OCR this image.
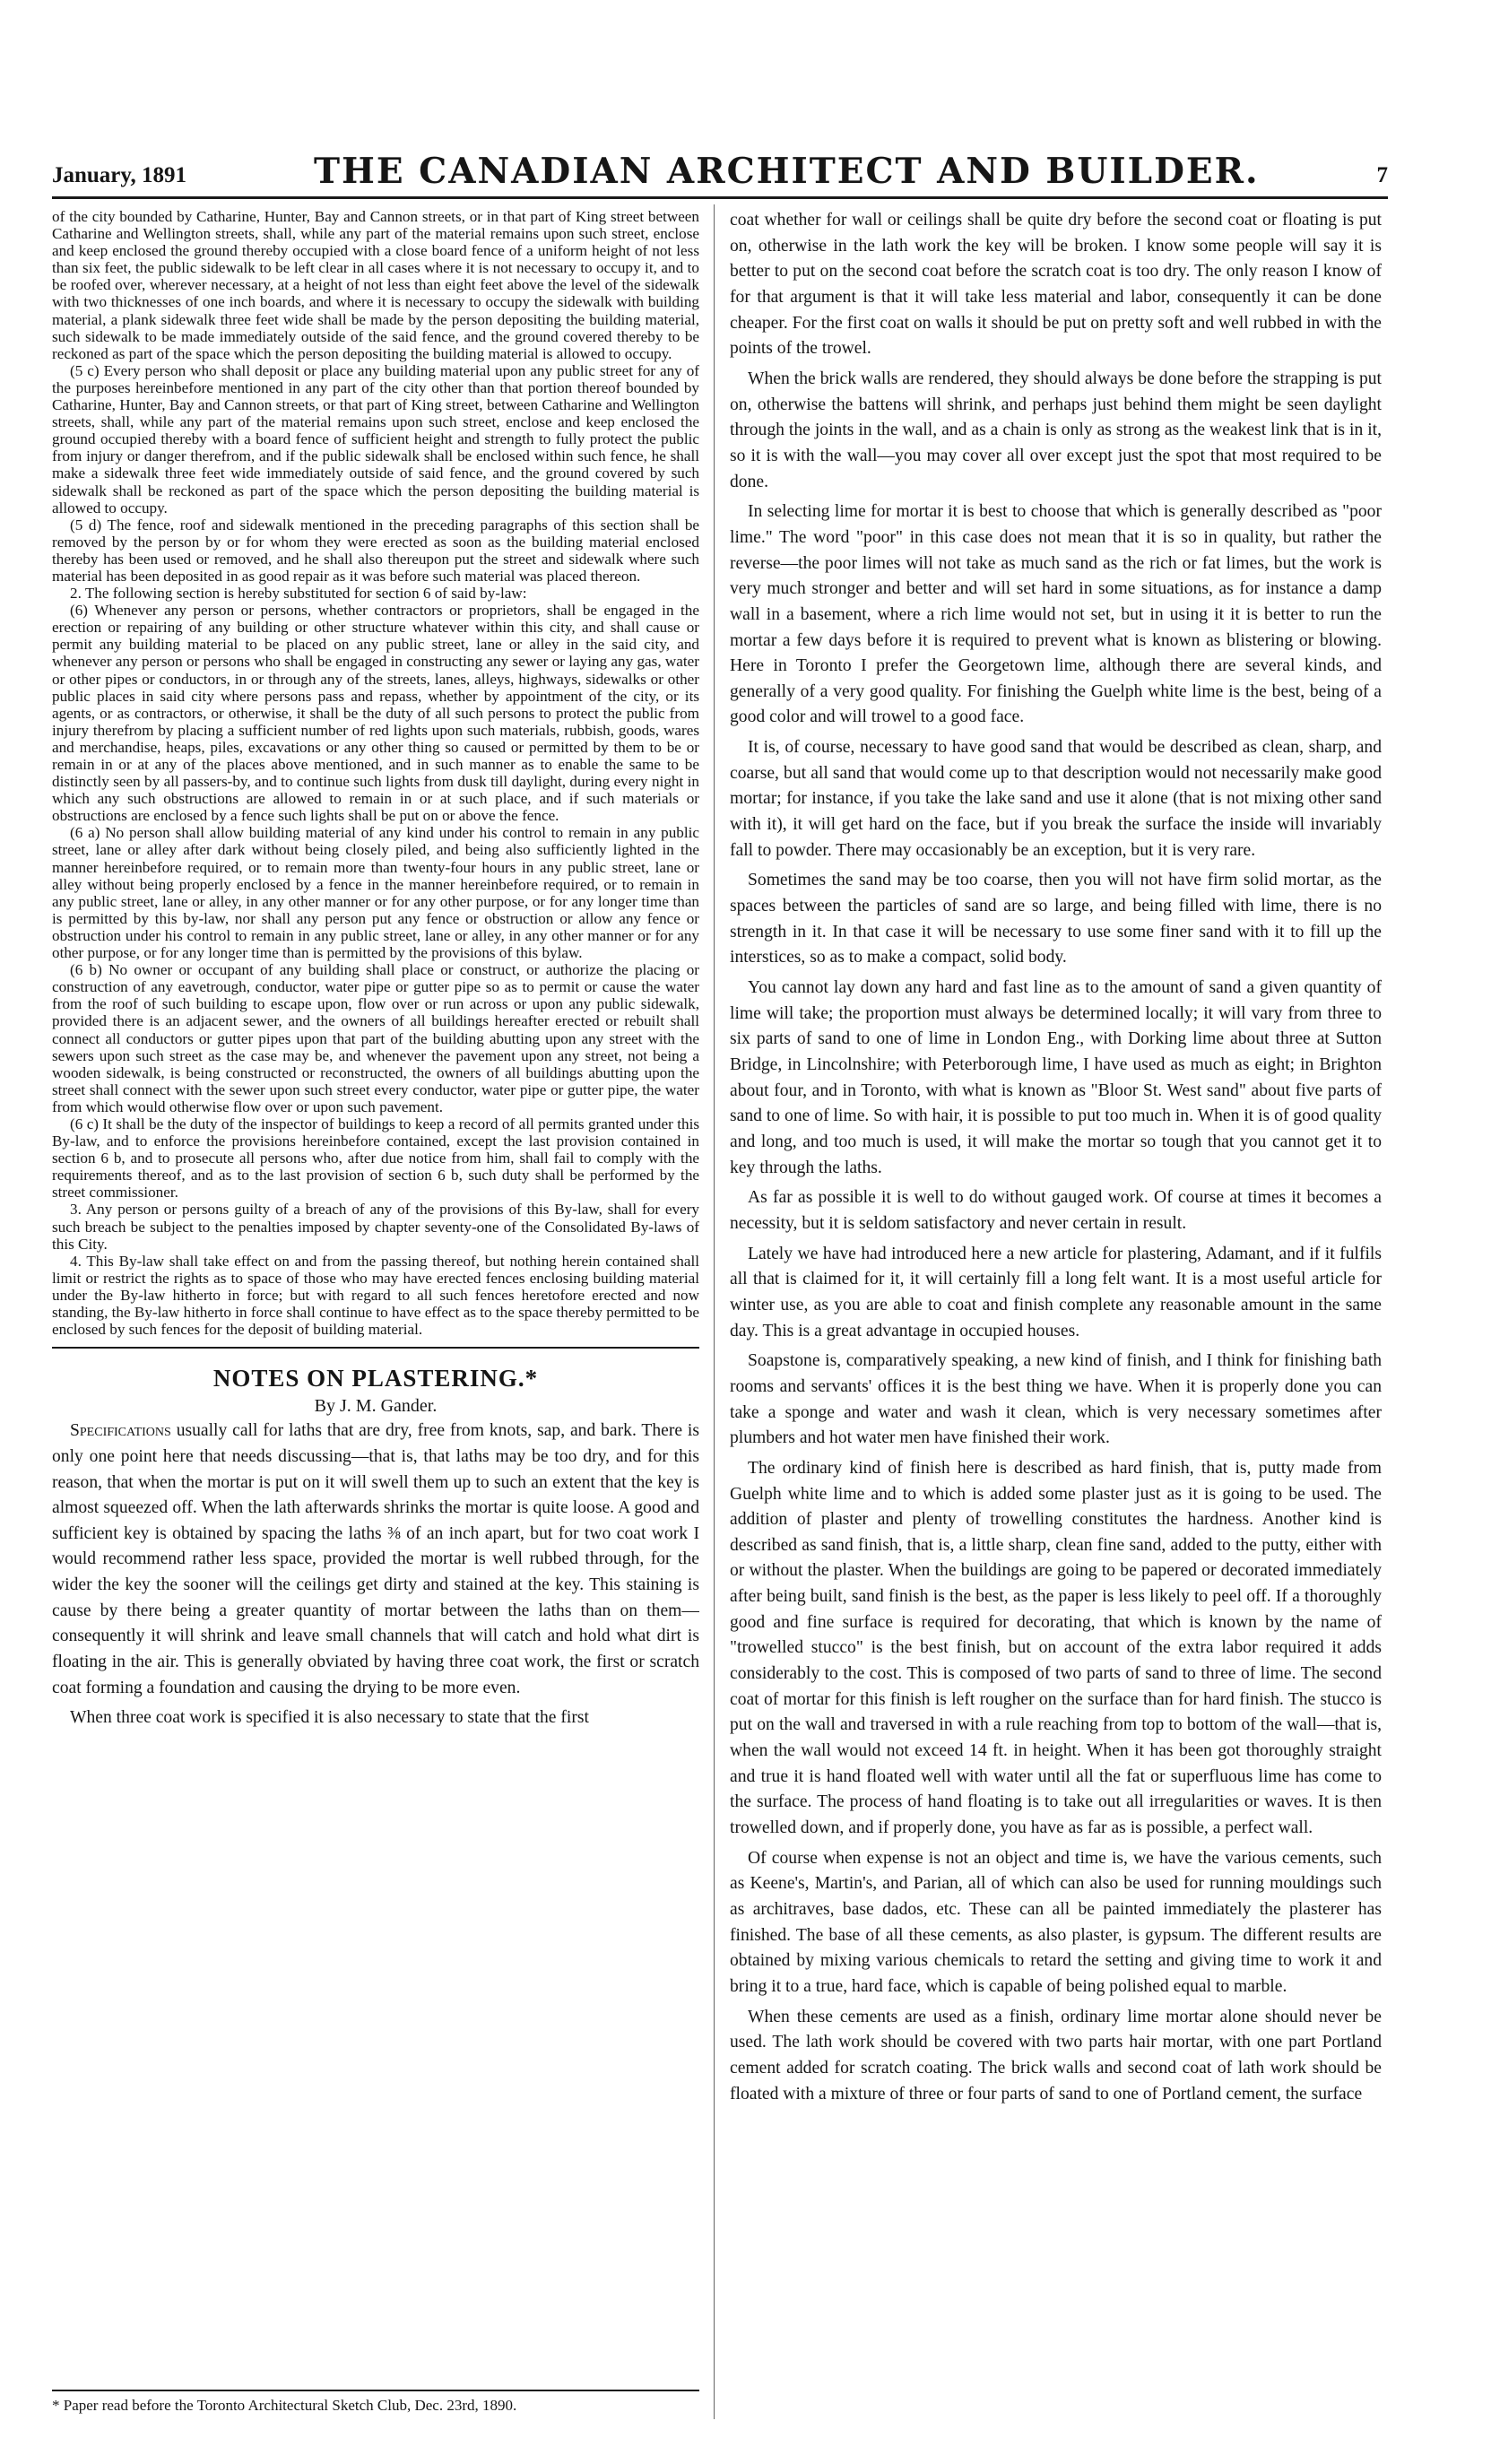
January, 1891	THE CANADIAN ARCHITECT AND BUILDER.	7

of the city bounded by Catharine, Hunter, Bay and Cannon streets, or in that part of King street between Catharine and Wellington streets, shall, while any part of the material remains upon such street, enclose and keep enclosed the ground thereby occupied with a close board fence of a uniform height of not less than six feet, the public sidewalk to be left clear in all cases where it is not necessary to occupy it, and to be roofed over, wherever necessary, at a height of not less than eight feet above the level of the sidewalk with two thicknesses of one inch boards, and where it is necessary to occupy the sidewalk with building material, a plank sidewalk three feet wide shall be made by the person depositing the building material, such sidewalk to be made immediately outside of the said fence, and the ground covered thereby to be reckoned as part of the space which the person depositing the building material is allowed to occupy.

(5 c) Every person who shall deposit or place any building material upon any public street for any of the purposes hereinbefore mentioned in any part of the city other than that portion thereof bounded by Catharine, Hunter, Bay and Cannon streets, or that part of King street, between Catharine and Wellington streets, shall, while any part of the material remains upon such street, enclose and keep enclosed the ground occupied thereby with a board fence of sufficient height and strength to fully protect the public from injury or danger therefrom, and if the public sidewalk shall be enclosed within such fence, he shall make a sidewalk three feet wide immediately outside of said fence, and the ground covered by such sidewalk shall be reckoned as part of the space which the person depositing the building material is allowed to occupy.

(5 d) The fence, roof and sidewalk mentioned in the preceding paragraphs of this section shall be removed by the person by or for whom they were erected as soon as the building material enclosed thereby has been used or removed, and he shall also thereupon put the street and sidewalk where such material has been deposited in as good repair as it was before such material was placed thereon.

2. The following section is hereby substituted for section 6 of said by-law:

(6) Whenever any person or persons, whether contractors or proprietors, shall be engaged in the erection or repairing of any building or other structure whatever within this city, and shall cause or permit any building material to be placed on any public street, lane or alley in the said city, and whenever any person or persons who shall be engaged in constructing any sewer or laying any gas, water or other pipes or conductors, in or through any of the streets, lanes, alleys, highways, sidewalks or other public places in said city where persons pass and repass, whether by appointment of the city, or its agents, or as contractors, or otherwise, it shall be the duty of all such persons to protect the public from injury therefrom by placing a sufficient number of red lights upon such materials, rubbish, goods, wares and merchandise, heaps, piles, excavations or any other thing so caused or permitted by them to be or remain in or at any of the places above mentioned, and in such manner as to enable the same to be distinctly seen by all passers-by, and to continue such lights from dusk till daylight, during every night in which any such obstructions are allowed to remain in or at such place, and if such materials or obstructions are enclosed by a fence such lights shall be put on or above the fence.

(6 a) No person shall allow building material of any kind under his control to remain in any public street, lane or alley after dark without being closely piled, and being also sufficiently lighted in the manner hereinbefore required, or to remain more than twenty-four hours in any public street, lane or alley without being properly enclosed by a fence in the manner hereinbefore required, or to remain in any public street, lane or alley, in any other manner or for any other purpose, or for any longer time than is permitted by this by-law, nor shall any person put any fence or obstruction or allow any fence or obstruction under his control to remain in any public street, lane or alley, in any other manner or for any other purpose, or for any longer time than is permitted by the provisions of this bylaw.

(6 b) No owner or occupant of any building shall place or construct, or authorize the placing or construction of any eavetrough, conductor, water pipe or gutter pipe so as to permit or cause the water from the roof of such building to escape upon, flow over or run across or upon any public sidewalk, provided there is an adjacent sewer, and the owners of all buildings hereafter erected or rebuilt shall connect all conductors or gutter pipes upon that part of the building abutting upon any street with the sewers upon such street as the case may be, and whenever the pavement upon any street, not being a wooden sidewalk, is being constructed or reconstructed, the owners of all buildings abutting upon the street shall connect with the sewer upon such street every conductor, water pipe or gutter pipe, the water from which would otherwise flow over or upon such pavement.

(6 c) It shall be the duty of the inspector of buildings to keep a record of all permits granted under this By-law, and to enforce the provisions hereinbefore contained, except the last provision contained in section 6 b, and to prosecute all persons who, after due notice from him, shall fail to comply with the requirements thereof, and as to the last provision of section 6 b, such duty shall be performed by the street commissioner.

3. Any person or persons guilty of a breach of any of the provisions of this By-law, shall for every such breach be subject to the penalties imposed by chapter seventy-one of the Consolidated By-laws of this City.

4. This By-law shall take effect on and from the passing thereof, but nothing herein contained shall limit or restrict the rights as to space of those who may have erected fences enclosing building material under the By-law hitherto in force; but with regard to all such fences heretofore erected and now standing, the By-law hitherto in force shall continue to have effect as to the space thereby permitted to be enclosed by such fences for the deposit of building material.

NOTES ON PLASTERING.*
By J. M. Gander.

Specifications usually call for laths that are dry, free from knots, sap, and bark. There is only one point here that needs discussing—that is, that laths may be too dry, and for this reason, that when the mortar is put on it will swell them up to such an extent that the key is almost squeezed off. When the lath afterwards shrinks the mortar is quite loose. A good and sufficient key is obtained by spacing the laths ⅜ of an inch apart, but for two coat work I would recommend rather less space, provided the mortar is well rubbed through, for the wider the key the sooner will the ceilings get dirty and stained at the key. This staining is cause by there being a greater quantity of mortar between the laths than on them—consequently it will shrink and leave small channels that will catch and hold what dirt is floating in the air. This is generally obviated by having three coat work, the first or scratch coat forming a foundation and causing the drying to be more even.

When three coat work is specified it is also necessary to state that the first

* Paper read before the Toronto Architectural Sketch Club, Dec. 23rd, 1890.

coat whether for wall or ceilings shall be quite dry before the second coat or floating is put on, otherwise in the lath work the key will be broken. I know some people will say it is better to put on the second coat before the scratch coat is too dry. The only reason I know of for that argument is that it will take less material and labor, consequently it can be done cheaper. For the first coat on walls it should be put on pretty soft and well rubbed in with the points of the trowel.

When the brick walls are rendered, they should always be done before the strapping is put on, otherwise the battens will shrink, and perhaps just behind them might be seen daylight through the joints in the wall, and as a chain is only as strong as the weakest link that is in it, so it is with the wall—you may cover all over except just the spot that most required to be done.

In selecting lime for mortar it is best to choose that which is generally described as "poor lime." The word "poor" in this case does not mean that it is so in quality, but rather the reverse—the poor limes will not take as much sand as the rich or fat limes, but the work is very much stronger and better and will set hard in some situations, as for instance a damp wall in a basement, where a rich lime would not set, but in using it it is better to run the mortar a few days before it is required to prevent what is known as blistering or blowing. Here in Toronto I prefer the Georgetown lime, although there are several kinds, and generally of a very good quality. For finishing the Guelph white lime is the best, being of a good color and will trowel to a good face.

It is, of course, necessary to have good sand that would be described as clean, sharp, and coarse, but all sand that would come up to that description would not necessarily make good mortar; for instance, if you take the lake sand and use it alone (that is not mixing other sand with it), it will get hard on the face, but if you break the surface the inside will invariably fall to powder. There may occasionably be an exception, but it is very rare.

Sometimes the sand may be too coarse, then you will not have firm solid mortar, as the spaces between the particles of sand are so large, and being filled with lime, there is no strength in it. In that case it will be necessary to use some finer sand with it to fill up the interstices, so as to make a compact, solid body.

You cannot lay down any hard and fast line as to the amount of sand a given quantity of lime will take; the proportion must always be determined locally; it will vary from three to six parts of sand to one of lime in London Eng., with Dorking lime about three at Sutton Bridge, in Lincolnshire; with Peterborough lime, I have used as much as eight; in Brighton about four, and in Toronto, with what is known as "Bloor St. West sand" about five parts of sand to one of lime. So with hair, it is possible to put too much in. When it is of good quality and long, and too much is used, it will make the mortar so tough that you cannot get it to key through the laths.

As far as possible it is well to do without gauged work. Of course at times it becomes a necessity, but it is seldom satisfactory and never certain in result.

Lately we have had introduced here a new article for plastering, Adamant, and if it fulfils all that is claimed for it, it will certainly fill a long felt want. It is a most useful article for winter use, as you are able to coat and finish complete any reasonable amount in the same day. This is a great advantage in occupied houses.

Soapstone is, comparatively speaking, a new kind of finish, and I think for finishing bath rooms and servants' offices it is the best thing we have. When it is properly done you can take a sponge and water and wash it clean, which is very necessary sometimes after plumbers and hot water men have finished their work.

The ordinary kind of finish here is described as hard finish, that is, putty made from Guelph white lime and to which is added some plaster just as it is going to be used. The addition of plaster and plenty of trowelling constitutes the hardness. Another kind is described as sand finish, that is, a little sharp, clean fine sand, added to the putty, either with or without the plaster. When the buildings are going to be papered or decorated immediately after being built, sand finish is the best, as the paper is less likely to peel off. If a thoroughly good and fine surface is required for decorating, that which is known by the name of "trowelled stucco" is the best finish, but on account of the extra labor required it adds considerably to the cost. This is composed of two parts of sand to three of lime. The second coat of mortar for this finish is left rougher on the surface than for hard finish. The stucco is put on the wall and traversed in with a rule reaching from top to bottom of the wall—that is, when the wall would not exceed 14 ft. in height. When it has been got thoroughly straight and true it is hand floated well with water until all the fat or superfluous lime has come to the surface. The process of hand floating is to take out all irregularities or waves. It is then trowelled down, and if properly done, you have as far as is possible, a perfect wall.

Of course when expense is not an object and time is, we have the various cements, such as Keene's, Martin's, and Parian, all of which can also be used for running mouldings such as architraves, base dados, etc. These can all be painted immediately the plasterer has finished. The base of all these cements, as also plaster, is gypsum. The different results are obtained by mixing various chemicals to retard the setting and giving time to work it and bring it to a true, hard face, which is capable of being polished equal to marble.

When these cements are used as a finish, ordinary lime mortar alone should never be used. The lath work should be covered with two parts hair mortar, with one part Portland cement added for scratch coating. The brick walls and second coat of lath work should be floated with a mixture of three or four parts of sand to one of Portland cement, the surface
